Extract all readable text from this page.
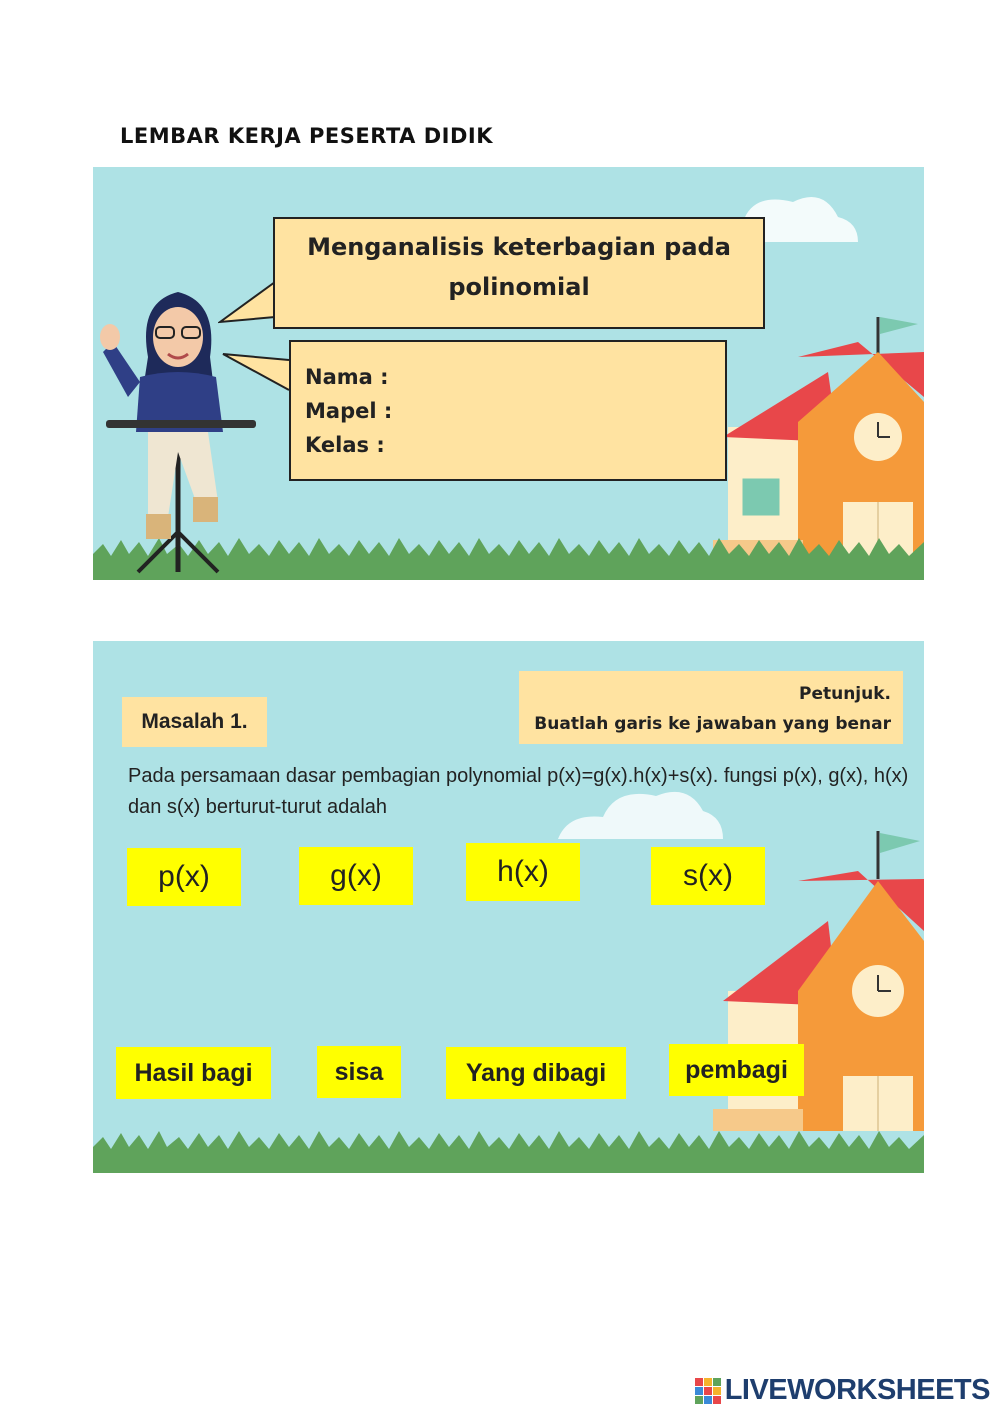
LEMBAR KERJA PESERTA DIDIK
Menganalisis keterbagian pada polinomial
Nama :
Mapel :
Kelas :
Masalah 1.
Petunjuk.
Buatlah garis ke jawaban yang benar
Pada persamaan dasar pembagian polynomial p(x)=g(x).h(x)+s(x). fungsi p(x), g(x), h(x) dan s(x) berturut-turut adalah
p(x)	g(x)	h(x)	s(x)
Hasil bagi	sisa	Yang dibagi	pembagi
LIVEWORKSHEETS
